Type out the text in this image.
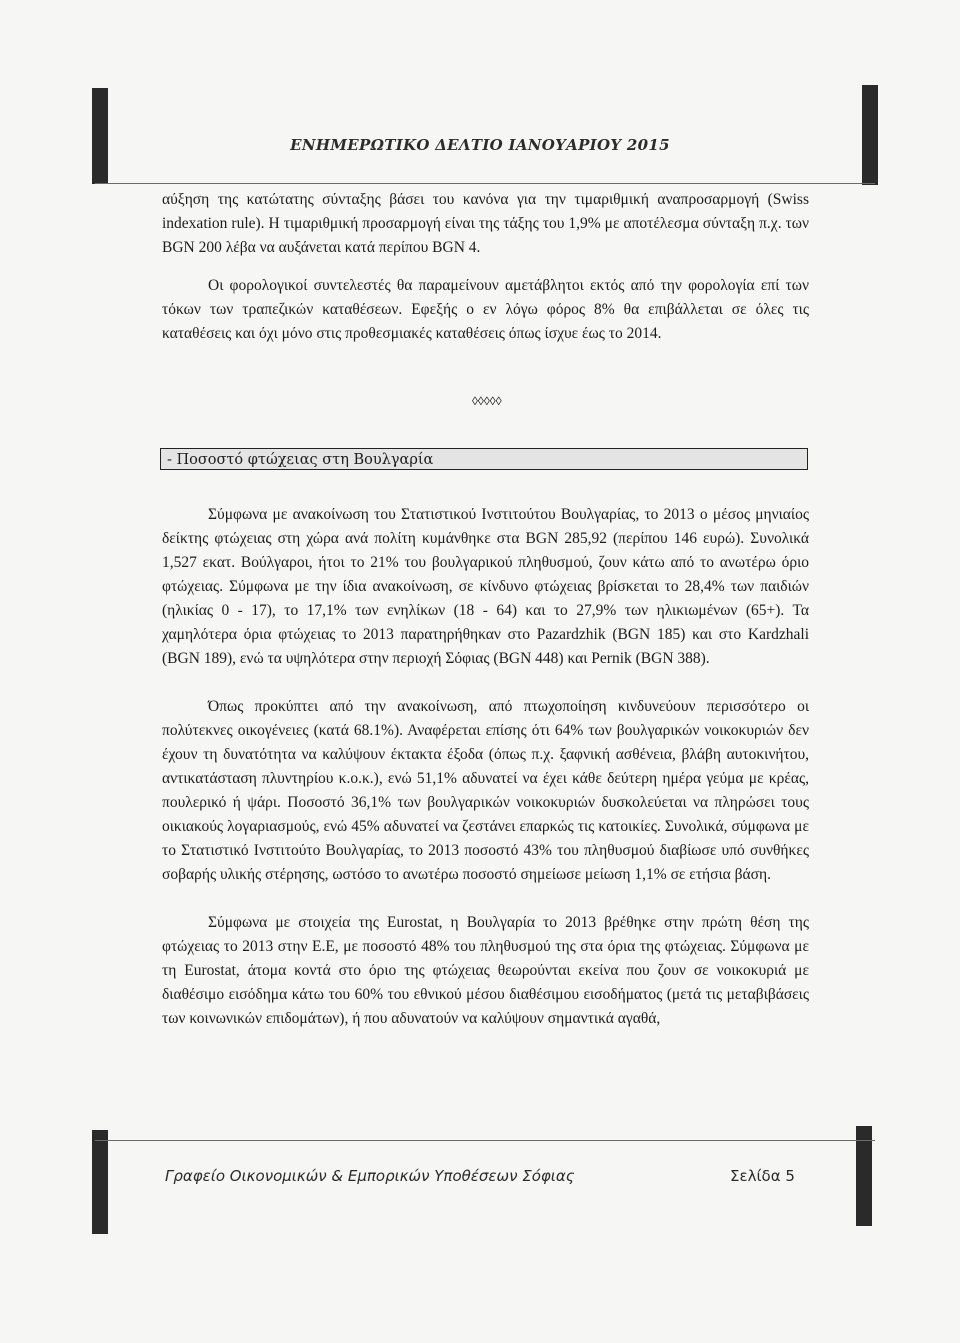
ΕΝΗΜΕΡΩΤΙΚΟ ΔΕΛΤΙΟ ΙΑΝΟΥΑΡΙΟΥ 2015

αύξηση της κατώτατης σύνταξης βάσει του κανόνα για την τιμαριθμική αναπροσαρμογή (Swiss indexation rule). Η τιμαριθμική προσαρμογή είναι της τάξης του 1,9% με αποτέλεσμα σύνταξη π.χ. των BGN 200 λέβα να αυξάνεται κατά περίπου BGN 4.

Οι φορολογικοί συντελεστές θα παραμείνουν αμετάβλητοι εκτός από την φορολογία επί των τόκων των τραπεζικών καταθέσεων. Εφεξής ο εν λόγω φόρος 8% θα επιβάλλεται σε όλες τις καταθέσεις και όχι μόνο στις προθεσμιακές καταθέσεις όπως ίσχυε έως το 2014.

◊◊◊◊◊
- Ποσοστό φτώχειας στη Βουλγαρία

Σύμφωνα με ανακοίνωση του Στατιστικού Ινστιτούτου Βουλγαρίας, το 2013 ο μέσος μηνιαίος δείκτης φτώχειας στη χώρα ανά πολίτη κυμάνθηκε στα BGN 285,92 (περίπου 146 ευρώ). Συνολικά 1,527 εκατ. Βούλγαροι, ήτοι το 21% του βουλγαρικού πληθυσμού, ζουν κάτω από το ανωτέρω όριο φτώχειας. Σύμφωνα με την ίδια ανακοίνωση, σε κίνδυνο φτώχειας βρίσκεται το 28,4% των παιδιών (ηλικίας 0 - 17), το 17,1% των ενηλίκων (18 - 64) και το 27,9% των ηλικιωμένων (65+). Τα χαμηλότερα όρια φτώχειας το 2013 παρατηρήθηκαν στο Pazardzhik (BGN 185) και στο Kardzhali (BGN 189), ενώ τα υψηλότερα στην περιοχή Σόφιας (BGN 448) και Pernik (BGN 388).

Όπως προκύπτει από την ανακοίνωση, από πτωχοποίηση κινδυνεύουν περισσότερο οι πολύτεκνες οικογένειες (κατά 68.1%). Αναφέρεται επίσης ότι 64% των βουλγαρικών νοικοκυριών δεν έχουν τη δυνατότητα να καλύψουν έκτακτα έξοδα (όπως π.χ. ξαφνική ασθένεια, βλάβη αυτοκινήτου, αντικατάσταση πλυντηρίου κ.ο.κ.), ενώ 51,1% αδυνατεί να έχει κάθε δεύτερη ημέρα γεύμα με κρέας, πουλερικό ή ψάρι. Ποσοστό 36,1% των βουλγαρικών νοικοκυριών δυσκολεύεται να πληρώσει τους οικιακούς λογαριασμούς, ενώ 45% αδυνατεί να ζεστάνει επαρκώς τις κατοικίες. Συνολικά, σύμφωνα με το Στατιστικό Ινστιτούτο Βουλγαρίας, το 2013 ποσοστό 43% του πληθυσμού διαβίωσε υπό συνθήκες σοβαρής υλικής στέρησης, ωστόσο το ανωτέρω ποσοστό σημείωσε μείωση 1,1% σε ετήσια βάση.

Σύμφωνα με στοιχεία της Eurostat, η Βουλγαρία το 2013 βρέθηκε στην πρώτη θέση της φτώχειας το 2013 στην Ε.Ε, με ποσοστό 48% του πληθυσμού της στα όρια της φτώχειας. Σύμφωνα με τη Eurostat, άτομα κοντά στο όριο της φτώχειας θεωρούνται εκείνα που ζουν σε νοικοκυριά με διαθέσιμο εισόδημα κάτω του 60% του εθνικού μέσου διαθέσιμου εισοδήματος (μετά τις μεταβιβάσεις των κοινωνικών επιδομάτων), ή που αδυνατούν να καλύψουν σημαντικά αγαθά,

Γραφείο Οικονομικών & Εμπορικών Υποθέσεων Σόφιας	Σελίδα 5
